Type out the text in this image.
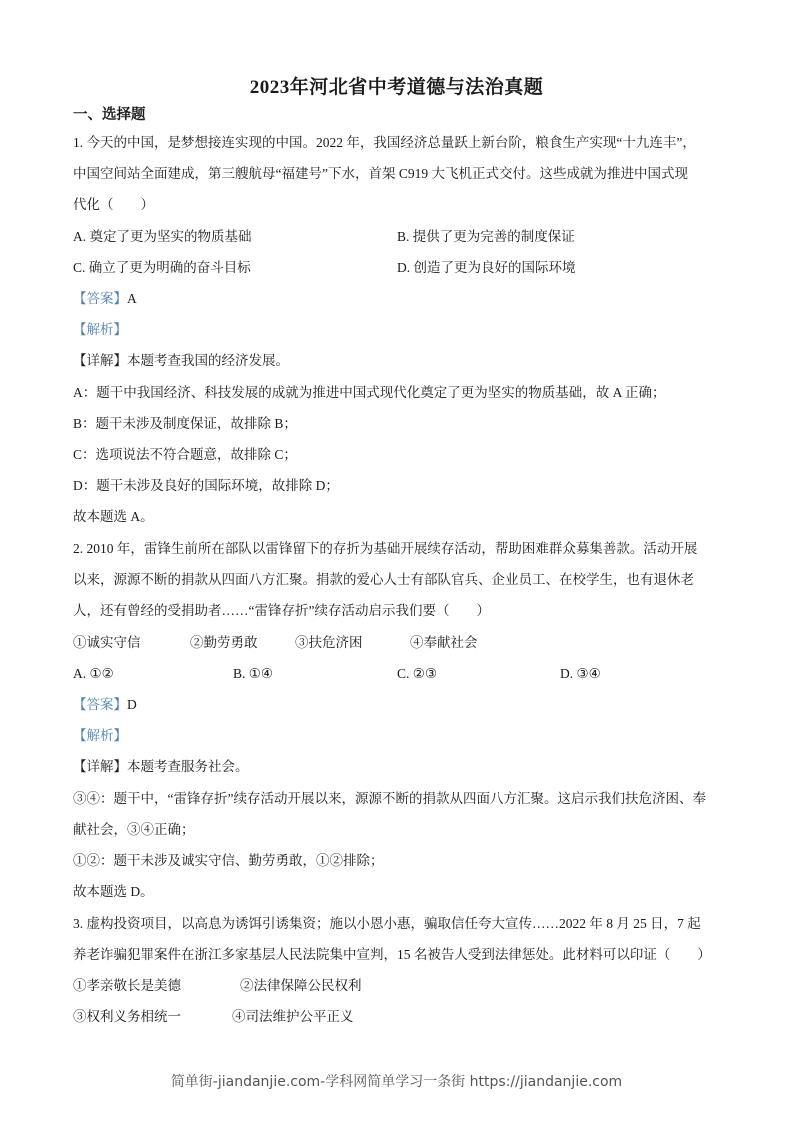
2023年河北省中考道德与法治真题
一、选择题
1. 今天的中国，是梦想接连实现的中国。2022 年，我国经济总量跃上新台阶，粮食生产实现“十九连丰”，
中国空间站全面建成，第三艘航母“福建号”下水，首架 C919 大飞机正式交付。这些成就为推进中国式现
代化（　　）
A. 奠定了更为坚实的物质基础	B. 提供了更为完善的制度保证
C. 确立了更为明确的奋斗目标	D. 创造了更为良好的国际环境
【答案】A
【解析】
【详解】本题考查我国的经济发展。
A：题干中我国经济、科技发展的成就为推进中国式现代化奠定了更为坚实的物质基础，故 A 正确；
B：题干未涉及制度保证，故排除 B；
C：选项说法不符合题意，故排除 C；
D：题干未涉及良好的国际环境，故排除 D；
故本题选 A。
2. 2010 年，雷锋生前所在部队以雷锋留下的存折为基础开展续存活动，帮助困难群众募集善款。活动开展
以来，源源不断的捐款从四面八方汇聚。捐款的爱心人士有部队官兵、企业员工、在校学生，也有退休老
人，还有曾经的受捐助者……“雷锋存折”续存活动启示我们要（　　）
①诚实守信	②勤劳勇敢	③扶危济困	④奉献社会
A. ①②	B. ①④	C. ②③	D. ③④
【答案】D
【解析】
【详解】本题考查服务社会。
③④：题干中，“雷锋存折”续存活动开展以来，源源不断的捐款从四面八方汇聚。这启示我们扶危济困、奉
献社会，③④正确；
①②：题干未涉及诚实守信、勤劳勇敢，①②排除；
故本题选 D。
3. 虚构投资项目，以高息为诱饵引诱集资；施以小恩小惠，骗取信任夸大宣传……2022 年 8 月 25 日，7 起
养老诈骗犯罪案件在浙江多家基层人民法院集中宣判，15 名被告人受到法律惩处。此材料可以印证（　　）
①孝亲敬长是美德	②法律保障公民权利
③权利义务相统一	④司法维护公平正义
简单街-jiandanjie.com-学科网简单学习一条街 https://jiandanjie.com
